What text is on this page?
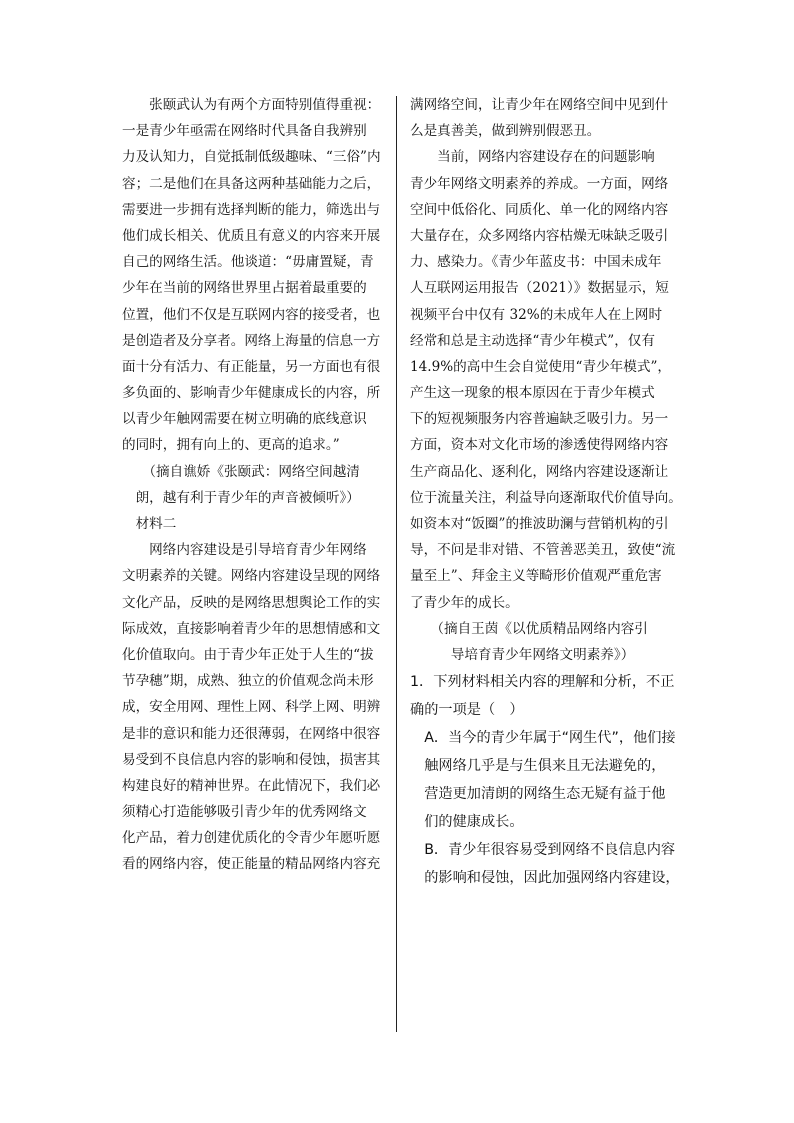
　　张颐武认为有两个方面特别值得重视：
一是青少年亟需在网络时代具备自我辨别
力及认知力，自觉抵制低级趣味、“三俗”内
容；二是他们在具备这两种基础能力之后，
需要进一步拥有选择判断的能力，筛选出与
他们成长相关、优质且有意义的内容来开展
自己的网络生活。他谈道：“毋庸置疑，青
少年在当前的网络世界里占据着最重要的
位置，他们不仅是互联网内容的接受者，也
是创造者及分享者。网络上海量的信息一方
面十分有活力、有正能量，另一方面也有很
多负面的、影响青少年健康成长的内容，所
以青少年触网需要在树立明确的底线意识
的同时，拥有向上的、更高的追求。”
　　（摘自谯娇《张颐武：网络空间越清
　朗，越有利于青少年的声音被倾听》）
　材料二
　　网络内容建设是引导培育青少年网络
文明素养的关键。网络内容建设呈现的网络
文化产品，反映的是网络思想舆论工作的实
际成效，直接影响着青少年的思想情感和文
化价值取向。由于青少年正处于人生的“拔
节孕穗”期，成熟、独立的价值观念尚未形
成，安全用网、理性上网、科学上网、明辨
是非的意识和能力还很薄弱，在网络中很容
易受到不良信息内容的影响和侵蚀，损害其
构建良好的精神世界。在此情况下，我们必
须精心打造能够吸引青少年的优秀网络文
化产品，着力创建优质化的令青少年愿听愿
看的网络内容，使正能量的精品网络内容充
满网络空间，让青少年在网络空间中见到什
么是真善美，做到辨别假恶丑。
　　当前，网络内容建设存在的问题影响
青少年网络文明素养的养成。一方面，网络
空间中低俗化、同质化、单一化的网络内容
大量存在，众多网络内容枯燥无味缺乏吸引
力、感染力。《青少年蓝皮书：中国未成年
人互联网运用报告（2021）》数据显示，短
视频平台中仅有 32%的未成年人在上网时
经常和总是主动选择“青少年模式”，仅有
14.9%的高中生会自觉使用“青少年模式”，
产生这一现象的根本原因在于青少年模式
下的短视频服务内容普遍缺乏吸引力。另一
方面，资本对文化市场的渗透使得网络内容
生产商品化、逐利化，网络内容建设逐渐让
位于流量关注，利益导向逐渐取代价值导向。
如资本对“饭圈”的推波助澜与营销机构的引
导，不问是非对错、不管善恶美丑，致使“流
量至上”、拜金主义等畸形价值观严重危害
了青少年的成长。
　　（摘自王茵《以优质精品网络内容引
　　　导培育青少年网络文明素养》）
1．下列材料相关内容的理解和分析，不正
确的一项是（　）
　A．当今的青少年属于“网生代”，他们接
　触网络几乎是与生俱来且无法避免的，
　营造更加清朗的网络生态无疑有益于他
　们的健康成长。
　B．青少年很容易受到网络不良信息内容
　的影响和侵蚀，因此加强网络内容建设，
